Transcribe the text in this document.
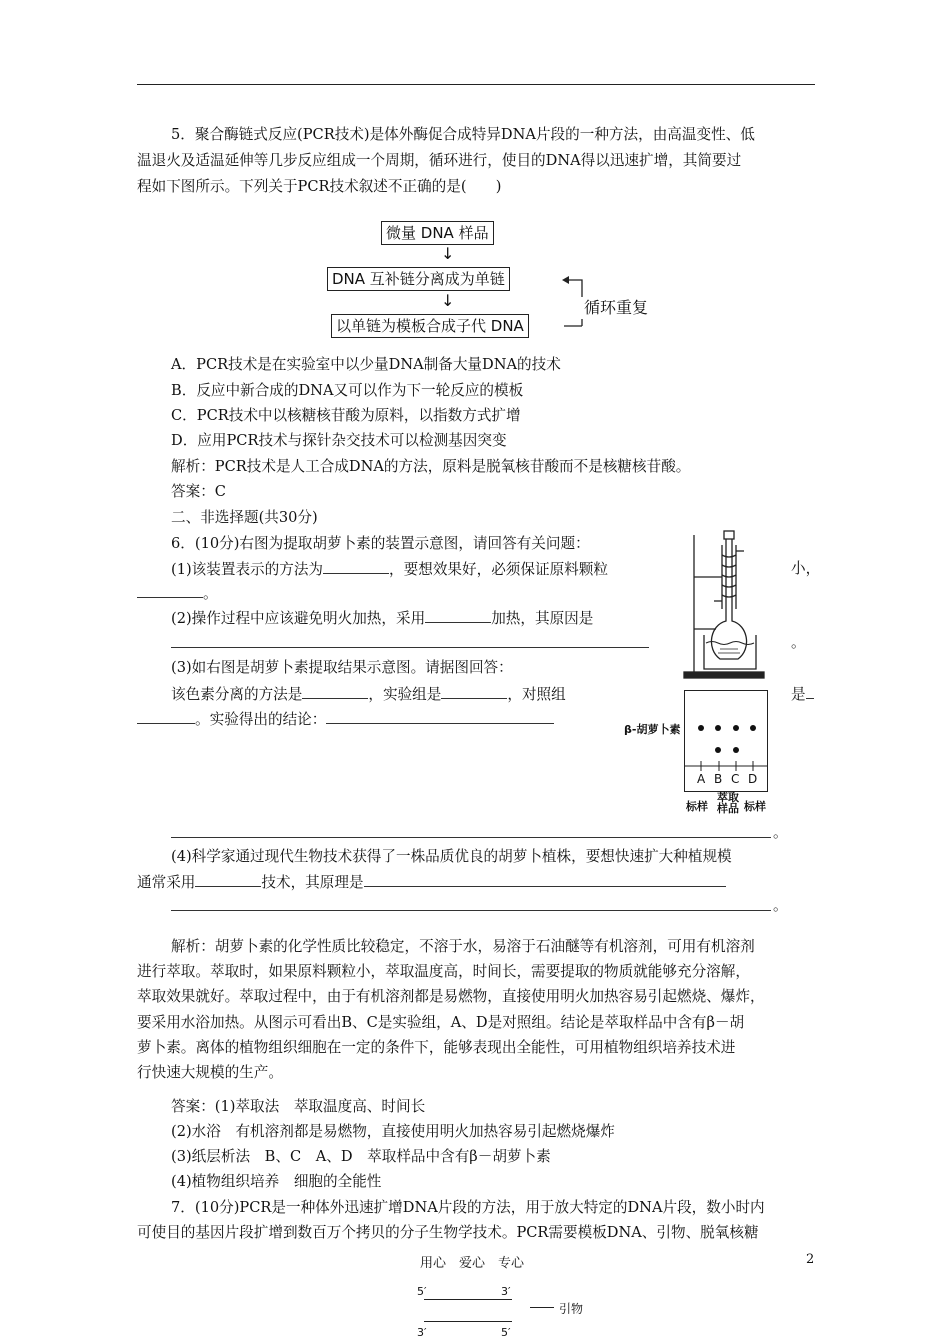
5．聚合酶链式反应(PCR技术)是体外酶促合成特异DNA片段的一种方法，由高温变性、低
温退火及适温延伸等几步反应组成一个周期，循环进行，使目的DNA得以迅速扩增，其简要过
程如下图所示。下列关于PCR技术叙述不正确的是(　　)
微量 DNA 样品
↓
DNA 互补链分离成为单链
↓
以单链为模板合成子代 DNA
循环重复
A．PCR技术是在实验室中以少量DNA制备大量DNA的技术
B．反应中新合成的DNA又可以作为下一轮反应的模板
C．PCR技术中以核糖核苷酸为原料，以指数方式扩增
D．应用PCR技术与探针杂交技术可以检测基因突变
解析：PCR技术是人工合成DNA的方法，原料是脱氧核苷酸而不是核糖核苷酸。
答案：C
二、非选择题(共30分)
6．(10分)右图为提取胡萝卜素的装置示意图，请回答有关问题：
(1)该装置表示的方法为	，要想效果好，必须保证原料颗粒	小，
。
(2)操作过程中应该避免明火加热，采用	加热，其原因是
。
(3)如右图是胡萝卜素提取结果示意图。请据图回答：
该色素分离的方法是	，实验组是	，对照组	是
。实验得出的结论：
。
β-胡萝卜素
A B C D
标样
萃取
样品 标样
(4)科学家通过现代生物技术获得了一株品质优良的胡萝卜植株，要想快速扩大种植规模
通常采用	技术，其原理是
。
解析：胡萝卜素的化学性质比较稳定，不溶于水，易溶于石油醚等有机溶剂，可用有机溶剂
进行萃取。萃取时，如果原料颗粒小，萃取温度高，时间长，需要提取的物质就能够充分溶解，
萃取效果就好。萃取过程中，由于有机溶剂都是易燃物，直接使用明火加热容易引起燃烧、爆炸，
要采用水浴加热。从图示可看出B、C是实验组，A、D是对照组。结论是萃取样品中含有β－胡
萝卜素。离体的植物组织细胞在一定的条件下，能够表现出全能性，可用植物组织培养技术进
行快速大规模的生产。
答案：(1)萃取法　萃取温度高、时间长
(2)水浴　有机溶剂都是易燃物，直接使用明火加热容易引起燃烧爆炸
(3)纸层析法　B、C　A、D　萃取样品中含有β－胡萝卜素
(4)植物组织培养　细胞的全能性
7．(10分)PCR是一种体外迅速扩增DNA片段的方法，用于放大特定的DNA片段，数小时内
可使目的基因片段扩增到数百万个拷贝的分子生物学技术。PCR需要模板DNA、引物、脱氧核糖
用心　爱心　专心	2
5′	3′
引物
3′	5′
